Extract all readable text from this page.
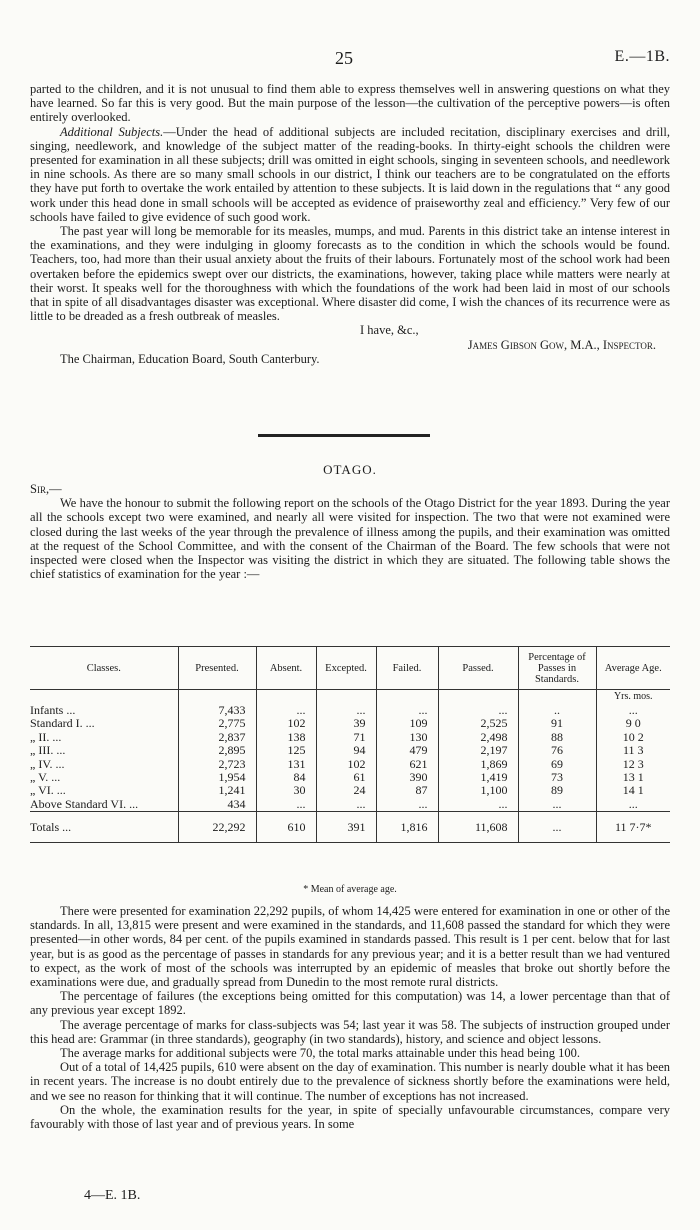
25	E.—1B.

parted to the children, and it is not unusual to find them able to express themselves well in answering questions on what they have learned. So far this is very good. But the main purpose of the lesson—the cultivation of the perceptive powers—is often entirely overlooked.

Additional Subjects.—Under the head of additional subjects are included recitation, disciplinary exercises and drill, singing, needlework, and knowledge of the subject matter of the reading-books. In thirty-eight schools the children were presented for examination in all these subjects; drill was omitted in eight schools, singing in seventeen schools, and needlework in nine schools. As there are so many small schools in our district, I think our teachers are to be congratulated on the efforts they have put forth to overtake the work entailed by attention to these subjects. It is laid down in the regulations that “ any good work under this head done in small schools will be accepted as evidence of praiseworthy zeal and efficiency.” Very few of our schools have failed to give evidence of such good work.

The past year will long be memorable for its measles, mumps, and mud. Parents in this district take an intense interest in the examinations, and they were indulging in gloomy forecasts as to the condition in which the schools would be found. Teachers, too, had more than their usual anxiety about the fruits of their labours. Fortunately most of the school work had been overtaken before the epidemics swept over our districts, the examinations, however, taking place while matters were nearly at their worst. It speaks well for the thoroughness with which the foundations of the work had been laid in most of our schools that in spite of all disadvantages disaster was exceptional. Where disaster did come, I wish the chances of its recurrence were as little to be dreaded as a fresh outbreak of measles.

I have, &c.,

James Gibson Gow, M.A., Inspector.

The Chairman, Education Board, South Canterbury.

OTAGO.

Sir,—

We have the honour to submit the following report on the schools of the Otago District for the year 1893. During the year all the schools except two were examined, and nearly all were visited for inspection. The two that were not examined were closed during the last weeks of the year through the prevalence of illness among the pupils, and their examination was omitted at the request of the School Committee, and with the consent of the Chairman of the Board. The few schools that were not inspected were closed when the Inspector was visiting the district in which they are situated. The following table shows the chief statistics of examination for the year :—

Classes.	Presented.	Absent.	Excepted.	Failed.	Passed.	Percentage of Passes in Standards.	Average Age.
							Yrs. mos.
Infants ...	7,433	...	...	...	...	..	...
Standard I. ...	2,775	102	39	109	2,525	91	9 0
„ II. ...	2,837	138	71	130	2,498	88	10 2
„ III. ...	2,895	125	94	479	2,197	76	11 3
„ IV. ...	2,723	131	102	621	1,869	69	12 3
„ V. ...	1,954	84	61	390	1,419	73	13 1
„ VI. ...	1,241	30	24	87	1,100	89	14 1
Above Standard VI. ...	434	...	...	...	...	...	...
Totals ...	22,292	610	391	1,816	11,608	...	11 7·7*
* Mean of average age.

There were presented for examination 22,292 pupils, of whom 14,425 were entered for examination in one or other of the standards. In all, 13,815 were present and were examined in the standards, and 11,608 passed the standard for which they were presented—in other words, 84 per cent. of the pupils examined in standards passed. This result is 1 per cent. below that for last year, but is as good as the percentage of passes in standards for any previous year; and it is a better result than we had ventured to expect, as the work of most of the schools was interrupted by an epidemic of measles that broke out shortly before the examinations were due, and gradually spread from Dunedin to the most remote rural districts.

The percentage of failures (the exceptions being omitted for this computation) was 14, a lower percentage than that of any previous year except 1892.

The average percentage of marks for class-subjects was 54; last year it was 58. The subjects of instruction grouped under this head are: Grammar (in three standards), geography (in two standards), history, and science and object lessons.

The average marks for additional subjects were 70, the total marks attainable under this head being 100.

Out of a total of 14,425 pupils, 610 were absent on the day of examination. This number is nearly double what it has been in recent years. The increase is no doubt entirely due to the prevalence of sickness shortly before the examinations were held, and we see no reason for thinking that it will continue. The number of exceptions has not increased.

On the whole, the examination results for the year, in spite of specially unfavourable circumstances, compare very favourably with those of last year and of previous years. In some

4—E. 1B.
